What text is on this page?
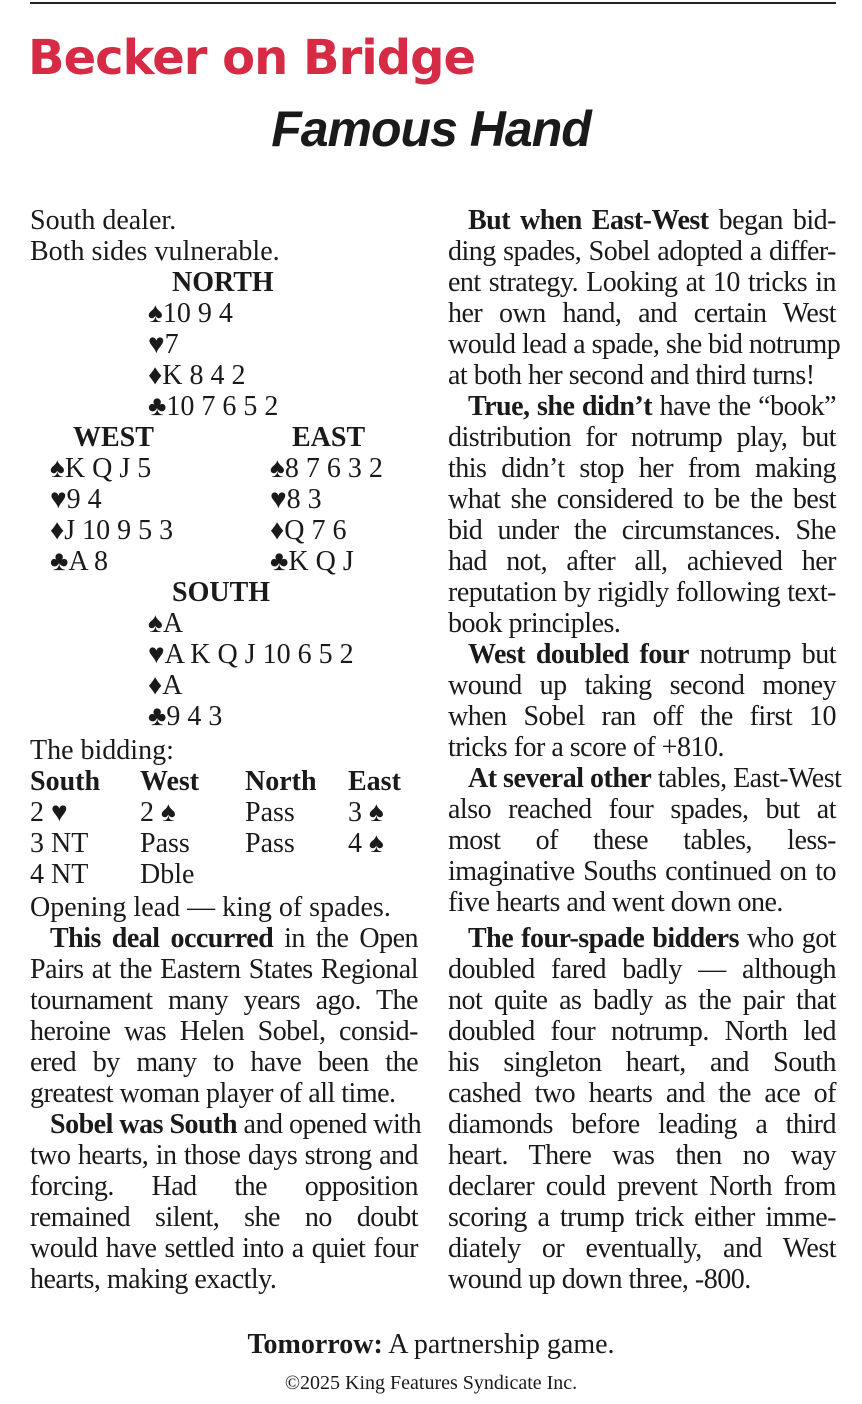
Becker on Bridge
Famous Hand
South dealer.
Both sides vulnerable.
NORTH
♠10 9 4
♥7
♦K 8 4 2
♣10 7 6 5 2
WEST	EAST
♠K Q J 5	♠8 7 6 3 2
♥9 4	♥8 3
♦J 10 9 5 3	♦Q 7 6
♣A 8	♣K Q J
SOUTH
♠A
♥A K Q J 10 6 5 2
♦A
♣9 4 3
The bidding:
South	West	North	East
2 ♥	2 ♠	Pass	3 ♠
3 NT	Pass	Pass	4 ♠
4 NT	Dble		
Opening lead — king of spades.
This deal occurred in the Open
Pairs at the Eastern States Regional
tournament many years ago. The
heroine was Helen Sobel, consid-
ered by many to have been the
greatest woman player of all time.
Sobel was South and opened with
two hearts, in those days strong and
forcing. Had the opposition
remained silent, she no doubt
would have settled into a quiet four
hearts, making exactly.
But when East-West began bid-
ding spades, Sobel adopted a differ-
ent strategy. Looking at 10 tricks in
her own hand, and certain West
would lead a spade, she bid notrump
at both her second and third turns!
True, she didn’t have the “book”
distribution for notrump play, but
this didn’t stop her from making
what she considered to be the best
bid under the circumstances. She
had not, after all, achieved her
reputation by rigidly following text-
book principles.
West doubled four notrump but
wound up taking second money
when Sobel ran off the first 10
tricks for a score of +810.
At several other tables, East-West
also reached four spades, but at
most of these tables, less-
imaginative Souths continued on to
five hearts and went down one.
The four-spade bidders who got
doubled fared badly — although
not quite as badly as the pair that
doubled four notrump. North led
his singleton heart, and South
cashed two hearts and the ace of
diamonds before leading a third
heart. There was then no way
declarer could prevent North from
scoring a trump trick either imme-
diately or eventually, and West
wound up down three, -800.
Tomorrow: A partnership game.
©2025 King Features Syndicate Inc.
